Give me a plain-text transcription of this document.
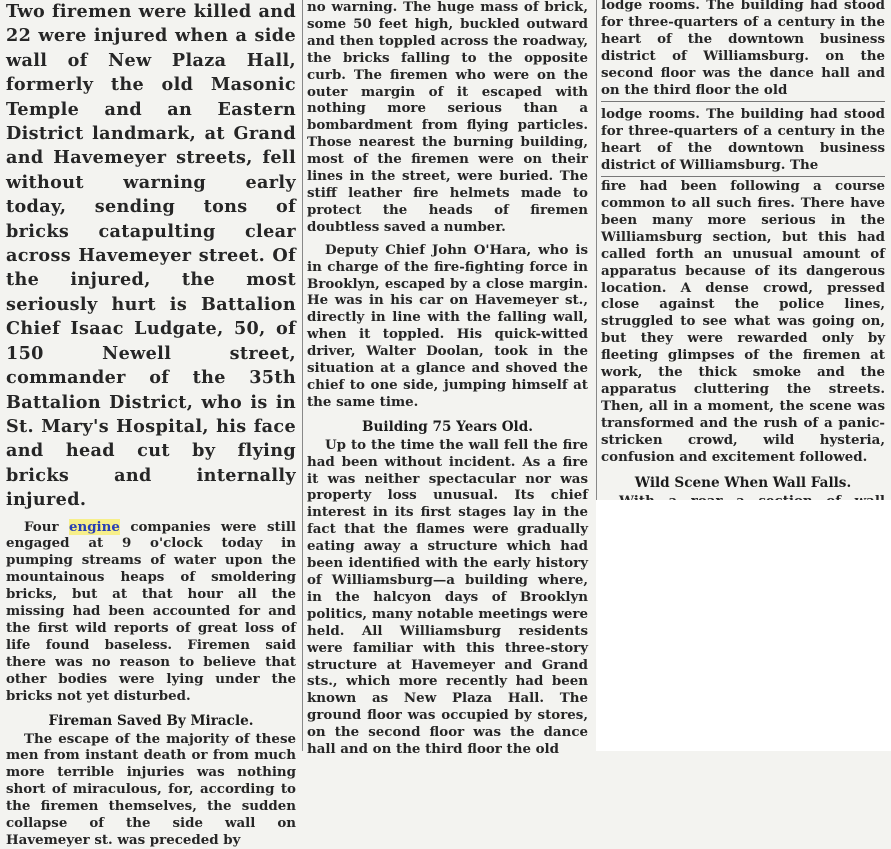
Two firemen were killed and 22 were injured when a side wall of New Plaza Hall, formerly the old Masonic Temple and an Eastern District landmark, at Grand and Havemeyer streets, fell without warning early today, sending tons of bricks catapulting clear across Havemeyer street. Of the injured, the most seriously hurt is Battalion Chief Isaac Ludgate, 50, of 150 Newell street, commander of the 35th Battalion District, who is in St. Mary's Hospital, his face and head cut by flying bricks and internally injured.

Four engine companies were still engaged at 9 o'clock today in pumping streams of water upon the mountainous heaps of smoldering bricks, but at that hour all the missing had been accounted for and the first wild reports of great loss of life found baseless. Firemen said there was no reason to believe that other bodies were lying under the bricks not yet disturbed.

Fireman Saved By Miracle.

The escape of the majority of these men from instant death or from much more terrible injuries was nothing short of miraculous, for, according to the firemen themselves, the sudden collapse of the side wall on Havemeyer st. was preceded by

no warning. The huge mass of brick, some 50 feet high, buckled outward and then toppled across the roadway, the bricks falling to the opposite curb. The firemen who were on the outer margin of it escaped with nothing more serious than a bombardment from flying particles. Those nearest the burning building, most of the firemen were on their lines in the street, were buried. The stiff leather fire helmets made to protect the heads of firemen doubtless saved a number.

Deputy Chief John O'Hara, who is in charge of the fire-fighting force in Brooklyn, escaped by a close margin. He was in his car on Havemeyer st., directly in line with the falling wall, when it toppled. His quick-witted driver, Walter Doolan, took in the situation at a glance and shoved the chief to one side, jumping himself at the same time.

Building 75 Years Old.

Up to the time the wall fell the fire had been without incident. As a fire it was neither spectacular nor was property loss unusual. Its chief interest in its first stages lay in the fact that the flames were gradually eating away a structure which had been identified with the early history of Williamsburg—a building where, in the halcyon days of Brooklyn politics, many notable meetings were held. All Williamsburg residents were familiar with this three-story structure at Havemeyer and Grand sts., which more recently had been known as New Plaza Hall. The ground floor was occupied by stores, on the second floor was the dance hall and on the third floor the old

lodge rooms. The building had stood for three-quarters of a century in the heart of the downtown business district of Williamsburg. on the second floor was the dance hall and on the third floor the old

lodge rooms. The building had stood for three-quarters of a century in the heart of the downtown business district of Williamsburg. The

fire had been following a course common to all such fires. There have been many more serious in the Williamsburg section, but this had called forth an unusual amount of apparatus because of its dangerous location. A dense crowd, pressed close against the police lines, struggled to see what was going on, but they were rewarded only by fleeting glimpses of the firemen at work, the thick smoke and the apparatus cluttering the streets. Then, all in a moment, the scene was transformed and the rush of a panic-stricken crowd, wild hysteria, confusion and excitement followed.

Wild Scene When Wall Falls.
